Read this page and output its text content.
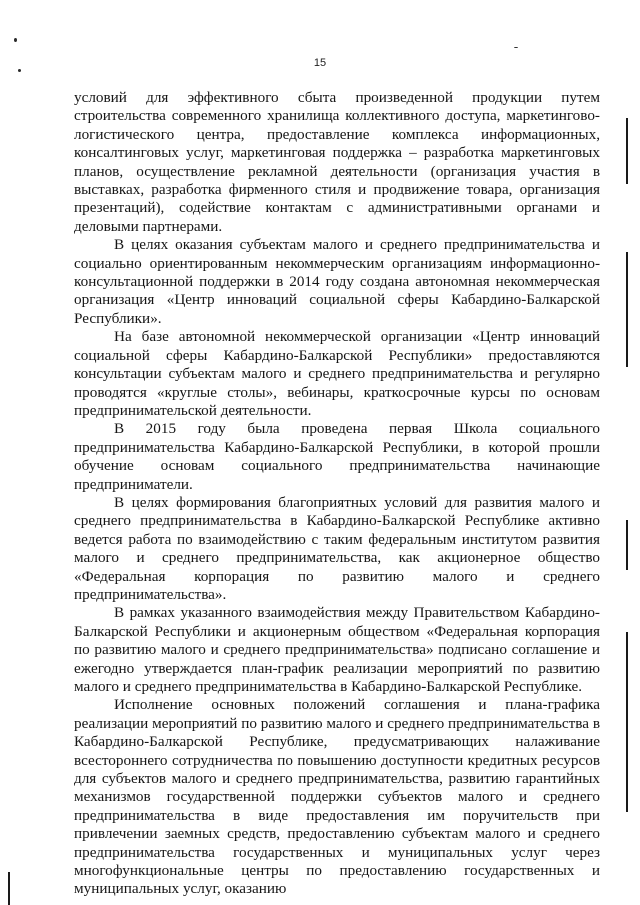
15

условий для эффективного сбыта произведенной продукции путем строительства современного хранилища коллективного доступа, маркетингово-логистического центра, предоставление комплекса информационных, консалтинговых услуг, маркетинговая поддержка – разработка маркетинговых планов, осуществление рекламной деятельности (организация участия в выставках, разработка фирменного стиля и продвижение товара, организация презентаций), содействие контактам с административными органами и деловыми партнерами.

В целях оказания субъектам малого и среднего предпринимательства и социально ориентированным некоммерческим организациям информационно-консультационной поддержки в 2014 году создана автономная некоммерческая организация «Центр инноваций социальной сферы Кабардино-Балкарской Республики».

На базе автономной некоммерческой организации «Центр инноваций социальной сферы Кабардино-Балкарской Республики» предоставляются консультации субъектам малого и среднего предпринимательства и регулярно проводятся «круглые столы», вебинары, краткосрочные курсы по основам предпринимательской деятельности.

В 2015 году была проведена первая Школа социального предпринимательства Кабардино-Балкарской Республики, в которой прошли обучение основам социального предпринимательства начинающие предприниматели.

В целях формирования благоприятных условий для развития малого и среднего предпринимательства в Кабардино-Балкарской Республике активно ведется работа по взаимодействию с таким федеральным институтом развития малого и среднего предпринимательства, как акционерное общество «Федеральная корпорация по развитию малого и среднего предпринимательства».

В рамках указанного взаимодействия между Правительством Кабардино-Балкарской Республики и акционерным обществом «Федеральная корпорация по развитию малого и среднего предпринимательства» подписано соглашение и ежегодно утверждается план-график реализации мероприятий по развитию малого и среднего предпринимательства в Кабардино-Балкарской Республике.

Исполнение основных положений соглашения и плана-графика реализации мероприятий по развитию малого и среднего предпринимательства в Кабардино-Балкарской Республике, предусматривающих налаживание всестороннего сотрудничества по повышению доступности кредитных ресурсов для субъектов малого и среднего предпринимательства, развитию гарантийных механизмов государственной поддержки субъектов малого и среднего предпринимательства в виде предоставления им поручительств при привлечении заемных средств, предоставлению субъектам малого и среднего предпринимательства государственных и муниципальных услуг через многофункциональные центры по предоставлению государственных и муниципальных услуг, оказанию
